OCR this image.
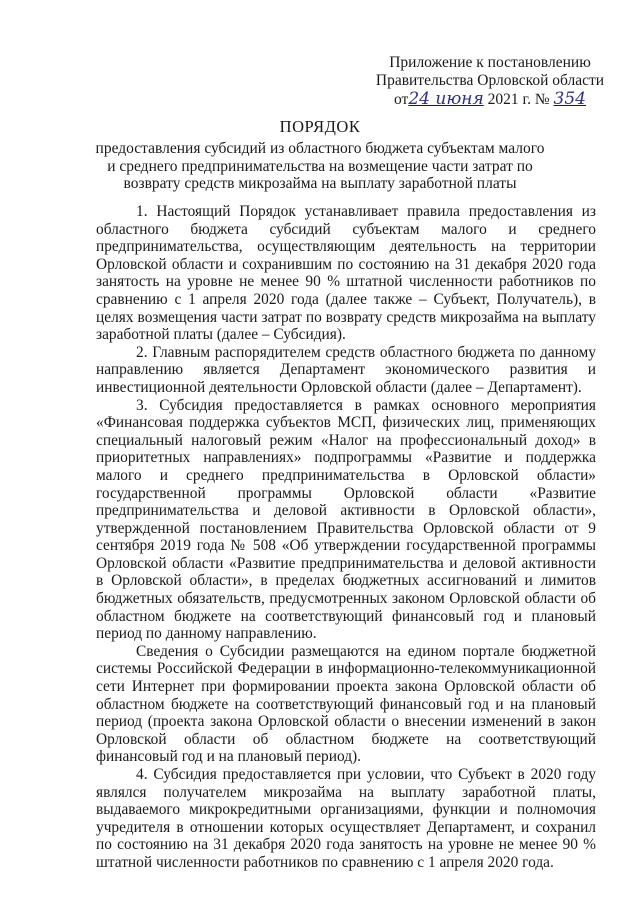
Приложение к постановлению
Правительства Орловской области
от24 июня 2021 г. № 354
ПОРЯДОК
предоставления субсидий из областного бюджета субъектам малого и среднего предпринимательства на возмещение части затрат по возврату средств микрозайма на выплату заработной платы

1. Настоящий Порядок устанавливает правила предоставления из областного бюджета субсидий субъектам малого и среднего предпринимательства, осуществляющим деятельность на территории Орловской области и сохранившим по состоянию на 31 декабря 2020 года занятость на уровне не менее 90 % штатной численности работников по сравнению с 1 апреля 2020 года (далее также – Субъект, Получатель), в целях возмещения части затрат по возврату средств микрозайма на выплату заработной платы (далее – Субсидия).

2. Главным распорядителем средств областного бюджета по данному направлению является Департамент экономического развития и инвестиционной деятельности Орловской области (далее – Департамент).

3. Субсидия предоставляется в рамках основного мероприятия «Финансовая поддержка субъектов МСП, физических лиц, применяющих специальный налоговый режим «Налог на профессиональный доход» в приоритетных направлениях» подпрограммы «Развитие и поддержка малого и среднего предпринимательства в Орловской области» государственной программы Орловской области «Развитие предпринимательства и деловой активности в Орловской области», утвержденной постановлением Правительства Орловской области от 9 сентября 2019 года № 508 «Об утверждении государственной программы Орловской области «Развитие предпринимательства и деловой активности в Орловской области», в пределах бюджетных ассигнований и лимитов бюджетных обязательств, предусмотренных законом Орловской области об областном бюджете на соответствующий финансовый год и плановый период по данному направлению.

Сведения о Субсидии размещаются на едином портале бюджетной системы Российской Федерации в информационно-телекоммуникационной сети Интернет при формировании проекта закона Орловской области об областном бюджете на соответствующий финансовый год и на плановый период (проекта закона Орловской области о внесении изменений в закон Орловской области об областном бюджете на соответствующий финансовый год и на плановый период).

4. Субсидия предоставляется при условии, что Субъект в 2020 году являлся получателем микрозайма на выплату заработной платы, выдаваемого микрокредитными организациями, функции и полномочия учредителя в отношении которых осуществляет Департамент, и сохранил по состоянию на 31 декабря 2020 года занятость на уровне не менее 90 % штатной численности работников по сравнению с 1 апреля 2020 года.
